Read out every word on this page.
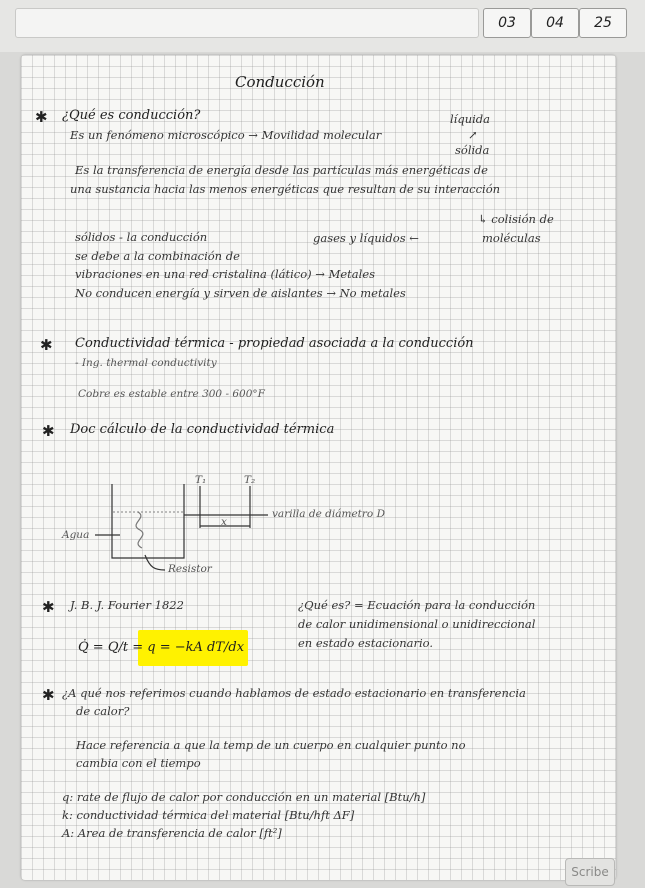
03	04	25
Conducción
✱ ¿Qué es conducción?
Es un fenómeno microscópico → Movilidad molecular
líquida
↗
sólida
Es la transferencia de energía desde las partículas más energéticas de
una sustancia hacia las menos energéticas que resultan de su interacción
↳ colisión de
moléculas
gases y líquidos ←
sólidos - la conducción
se debe a la combinación de
vibraciones en una red cristalina (lático) → Metales
No conducen energía y sirven de aislantes → No metales
✱ Conductividad térmica - propiedad asociada a la conducción
- Ing. thermal conductivity
Cobre es estable entre 300 - 600°F
✱ Doc cálculo de la conductividad térmica
T₁	T₂
varilla de diámetro D
x
Agua
Resistor
✱ J. B. J. Fourier 1822
Q̇ = Q/t = q = −kA dT/dx
¿Qué es? = Ecuación para la conducción
de calor unidimensional o unidireccional
en estado estacionario.
✱ ¿A qué nos referimos cuando hablamos de estado estacionario en transferencia
de calor?
Hace referencia a que la temp de un cuerpo en cualquier punto no
cambia con el tiempo
q: rate de flujo de calor por conducción en un material [Btu/h]
k: conductividad térmica del material [Btu/hft ΔF]
A: Area de transferencia de calor [ft²]
Scribe
